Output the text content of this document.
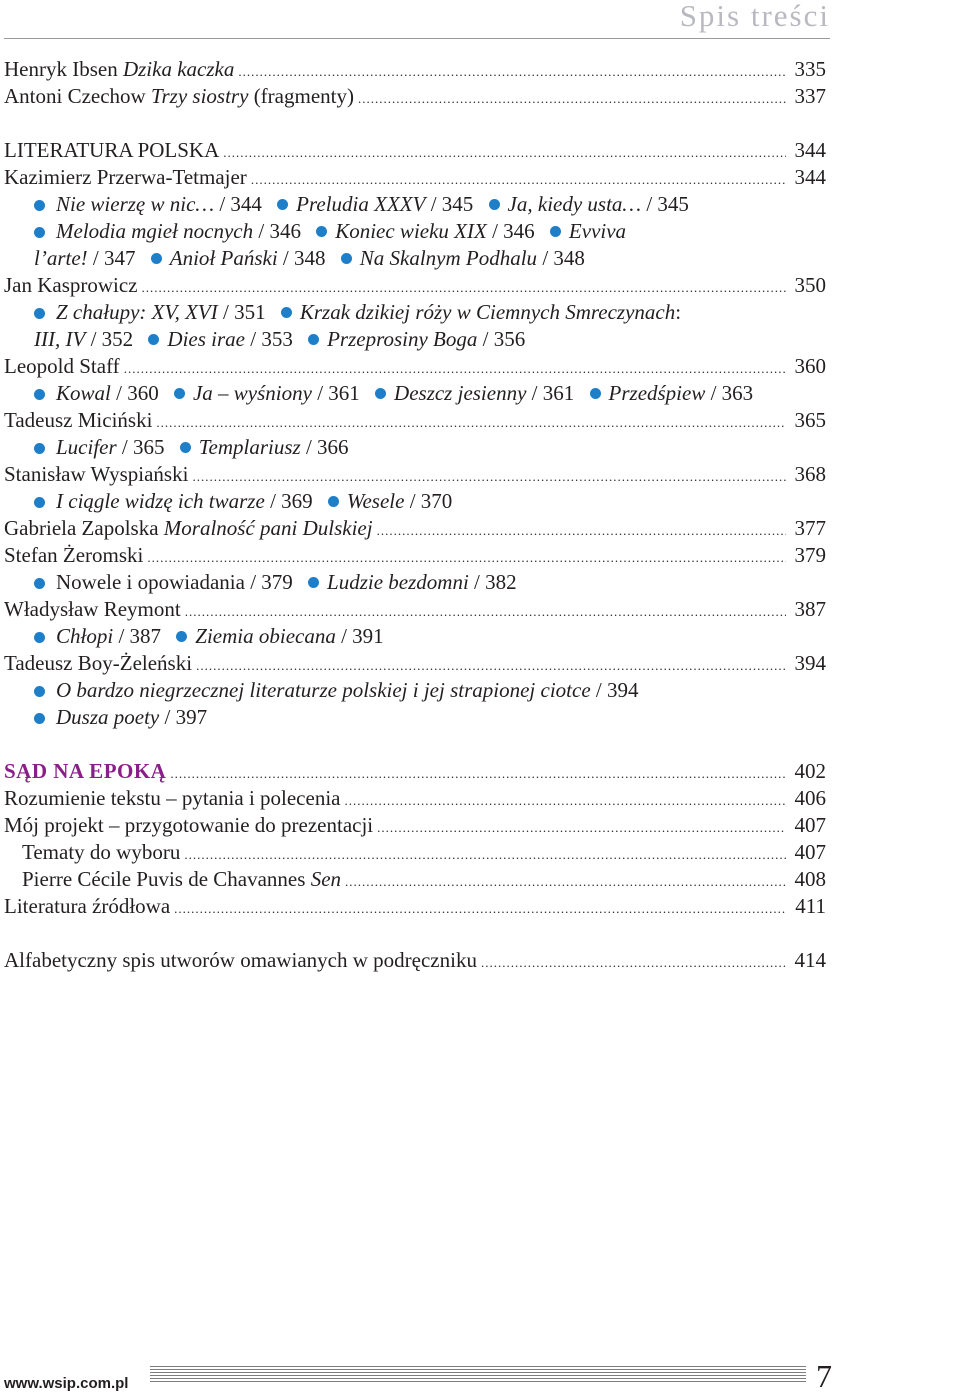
Spis treści
Henryk Ibsen Dzika kaczka .....	335
Antoni Czechow Trzy siostry (fragmenty) .....	337
LITERATURA POLSKA .....	344
Kazimierz Przerwa-Tetmajer .....	344
Nie wierzę w nic… / 344 Preludia XXXV / 345 Ja, kiedy usta… / 345
Melodia mgieł nocnych / 346 Koniec wieku XIX / 346 Evviva
l’arte! / 347 Anioł Pański / 348 Na Skalnym Podhalu / 348
Jan Kasprowicz .....	350
Z chałupy: XV, XVI / 351 Krzak dzikiej róży w Ciemnych Smreczynach:
III, IV / 352 Dies irae / 353 Przeprosiny Boga / 356
Leopold Staff .....	360
Kowal / 360 Ja – wyśniony / 361 Deszcz jesienny / 361 Przedśpiew / 363
Tadeusz Miciński .....	365
Lucifer / 365 Templariusz / 366
Stanisław Wyspiański .....	368
I ciągle widzę ich twarze / 369 Wesele / 370
Gabriela Zapolska Moralność pani Dulskiej .....	377
Stefan Żeromski .....	379
Nowele i opowiadania / 379 Ludzie bezdomni / 382
Władysław Reymont .....	387
Chłopi / 387 Ziemia obiecana / 391
Tadeusz Boy-Żeleński .....	394
O bardzo niegrzecznej literaturze polskiej i jej strapionej ciotce / 394
Dusza poety / 397
SĄD NA EPOKĄ .....	402
Rozumienie tekstu – pytania i polecenia .....	406
Mój projekt – przygotowanie do prezentacji .....	407
Tematy do wyboru .....	407
Pierre Cécile Puvis de Chavannes Sen .....	408
Literatura źródłowa .....	411
Alfabetyczny spis utworów omawianych w podręczniku .....	414
www.wsip.com.pl	7
